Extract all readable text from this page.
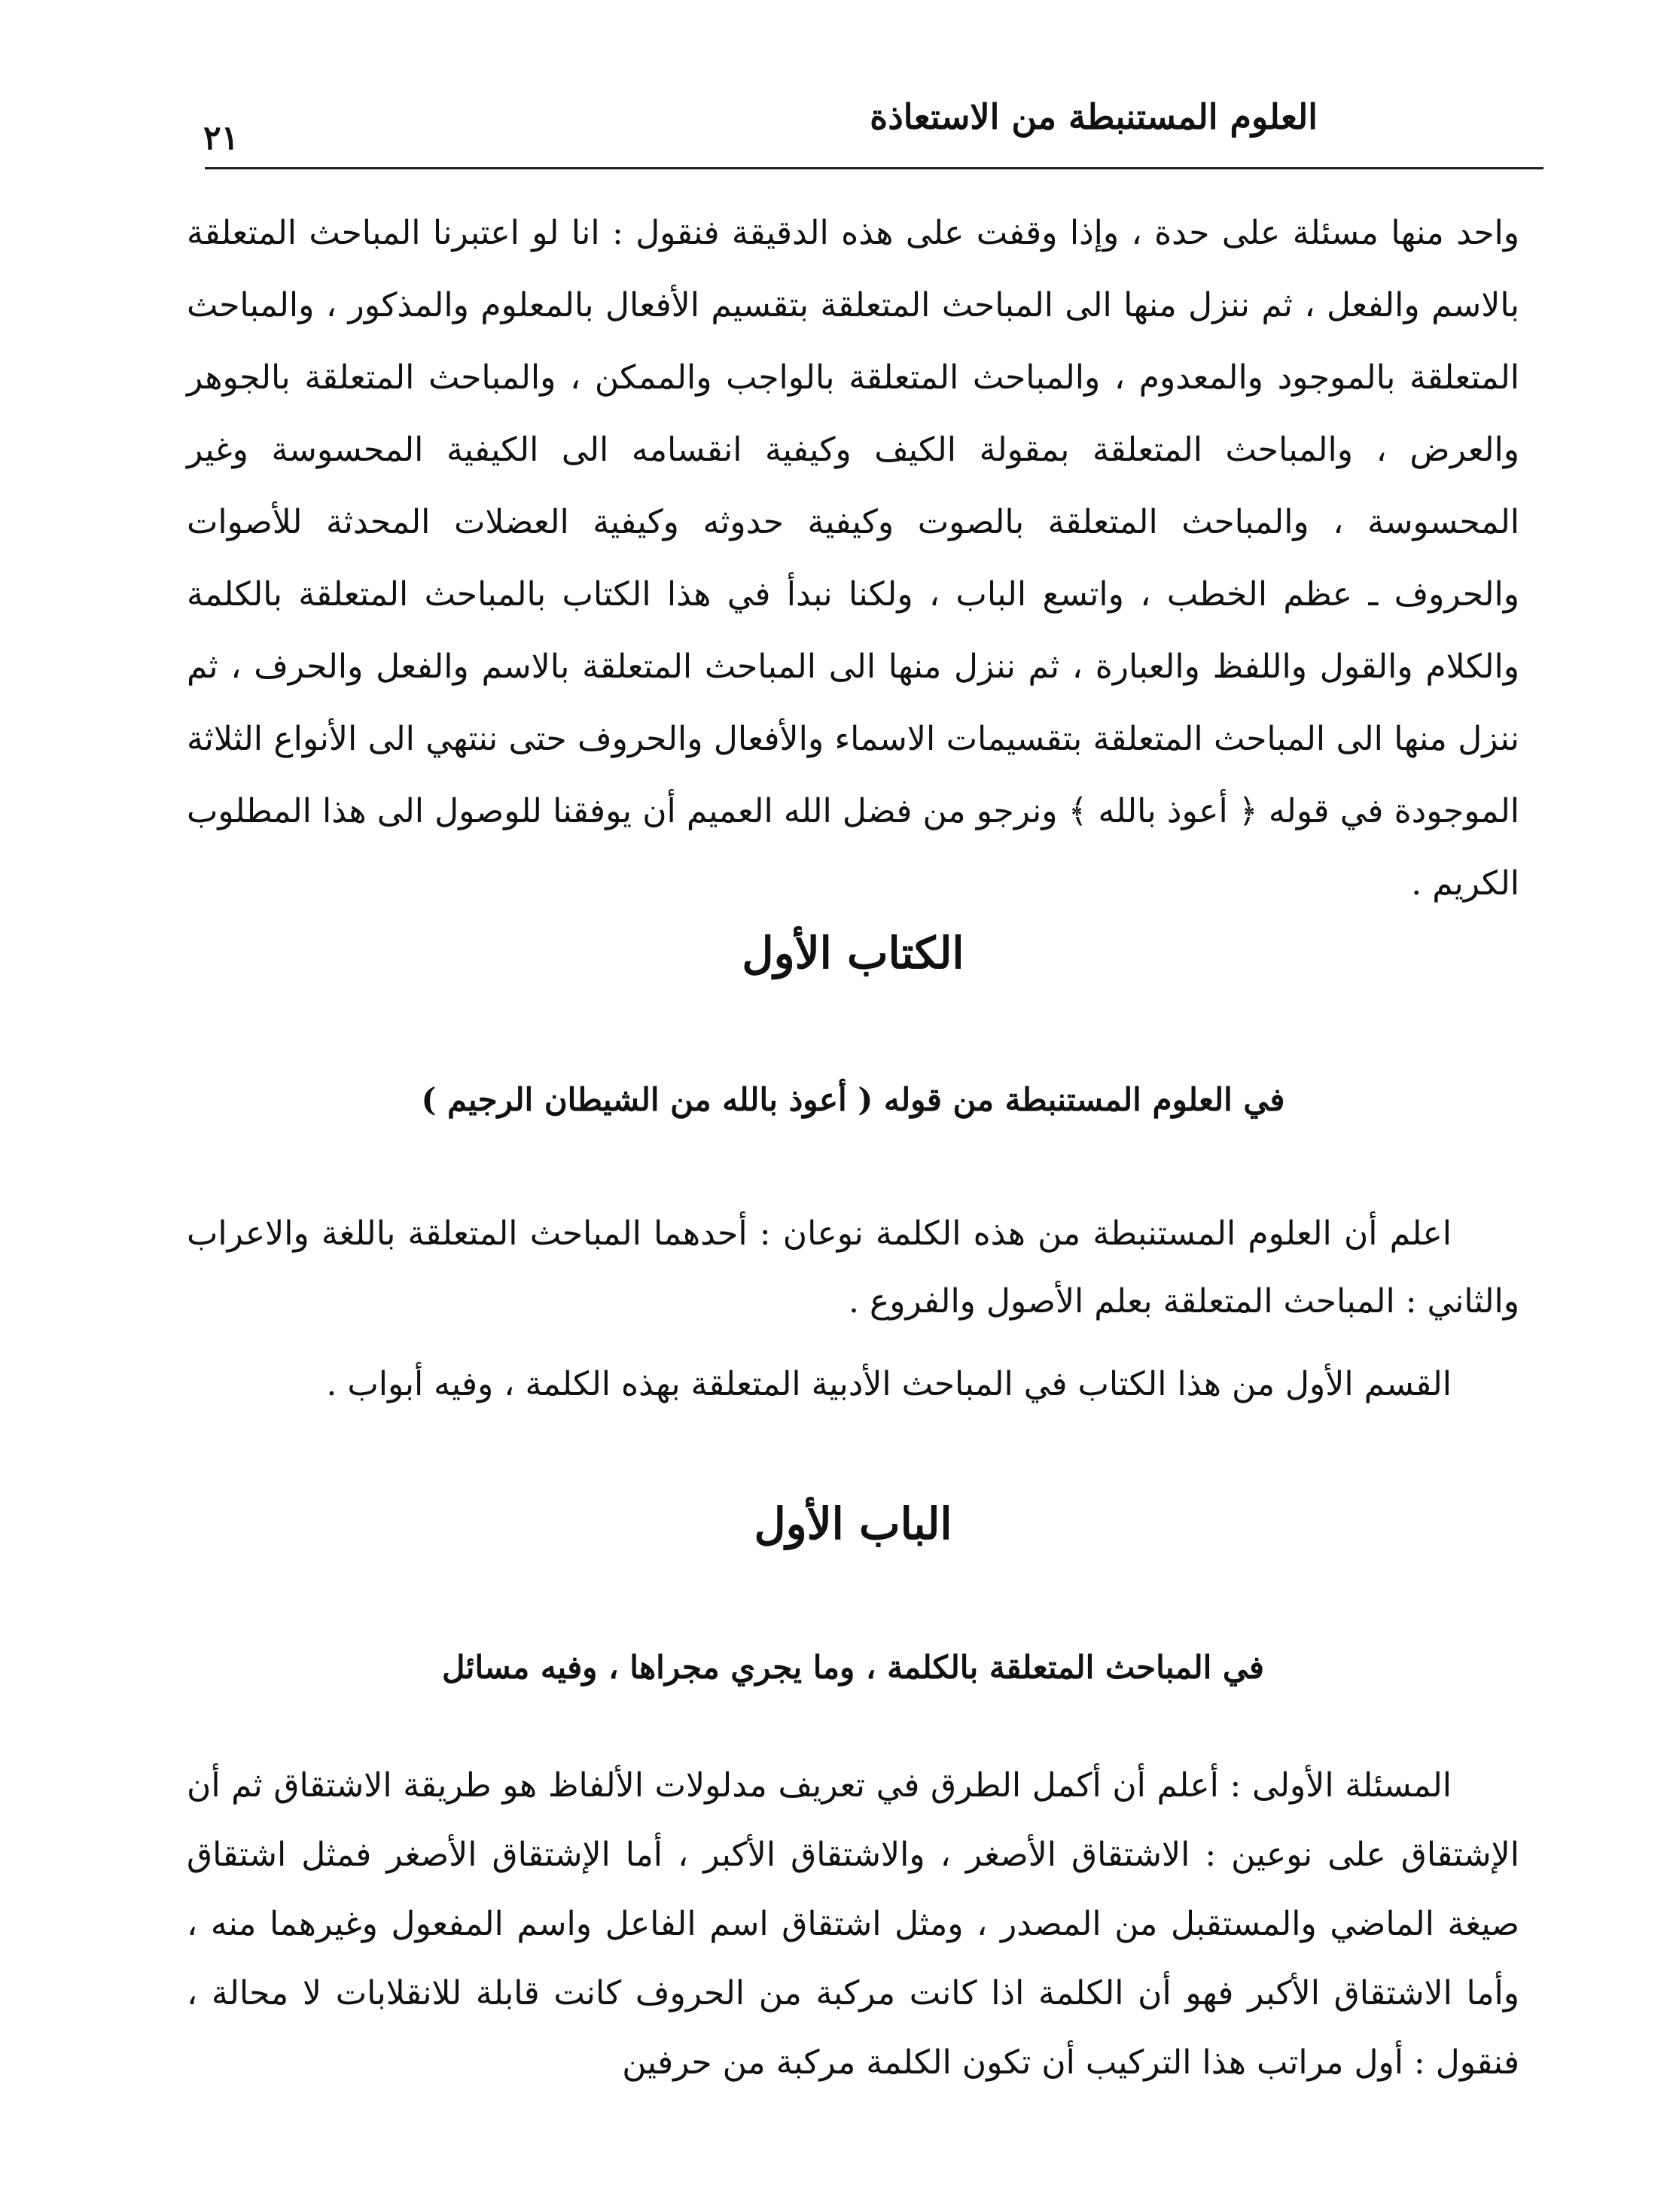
العلوم المستنبطة من الاستعاذة
٢١
واحد منها مسئلة على حدة ، وإذا وقفت على هذه الدقيقة فنقول : انا لو اعتبرنا المباحث المتعلقة بالاسم والفعل ، ثم ننزل منها الى المباحث المتعلقة بتقسيم الأفعال بالمعلوم والمذكور ، والمباحث المتعلقة بالموجود والمعدوم ، والمباحث المتعلقة بالواجب والممكن ، والمباحث المتعلقة بالجوهر والعرض ، والمباحث المتعلقة بمقولة الكيف وكيفية انقسامه الى الكيفية المحسوسة وغير المحسوسة ، والمباحث المتعلقة بالصوت وكيفية حدوثه وكيفية العضلات المحدثة للأصوات والحروف ـ عظم الخطب ، واتسع الباب ، ولكنا نبدأ في هذا الكتاب بالمباحث المتعلقة بالكلمة والكلام والقول واللفظ والعبارة ، ثم ننزل منها الى المباحث المتعلقة بالاسم والفعل والحرف ، ثم ننزل منها الى المباحث المتعلقة بتقسيمات الاسماء والأفعال والحروف حتى ننتهي الى الأنواع الثلاثة الموجودة في قوله ﴿ أعوذ بالله ﴾ ونرجو من فضل الله العميم أن يوفقنا للوصول الى هذا المطلوب الكريم .
الكتاب الأول
في العلوم المستنبطة من قوله ( أعوذ بالله من الشيطان الرجيم )
اعلم أن العلوم المستنبطة من هذه الكلمة نوعان : أحدهما المباحث المتعلقة باللغة والاعراب والثاني : المباحث المتعلقة بعلم الأصول والفروع .
القسم الأول من هذا الكتاب في المباحث الأدبية المتعلقة بهذه الكلمة ، وفيه أبواب .
الباب الأول
في المباحث المتعلقة بالكلمة ، وما يجري مجراها ، وفيه مسائل
المسئلة الأولى : أعلم أن أكمل الطرق في تعريف مدلولات الألفاظ هو طريقة الاشتقاق ثم أن الإشتقاق على نوعين : الاشتقاق الأصغر ، والاشتقاق الأكبر ، أما الإشتقاق الأصغر فمثل اشتقاق صيغة الماضي والمستقبل من المصدر ، ومثل اشتقاق اسم الفاعل واسم المفعول وغيرهما منه ، وأما الاشتقاق الأكبر فهو أن الكلمة اذا كانت مركبة من الحروف كانت قابلة للانقلابات لا محالة ، فنقول : أول مراتب هذا التركيب أن تكون الكلمة مركبة من حرفين
